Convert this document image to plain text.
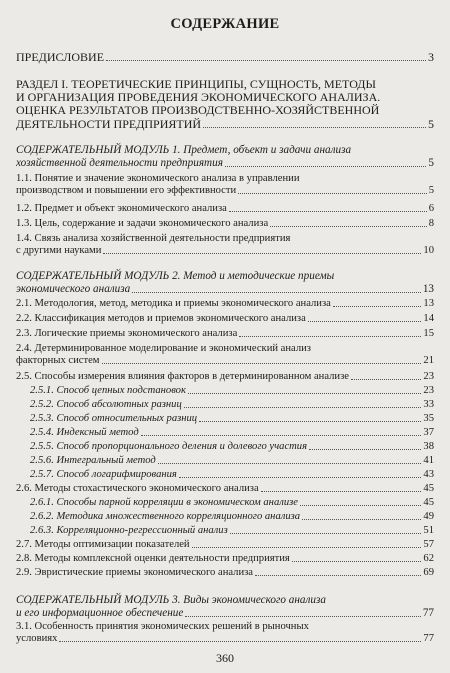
СОДЕРЖАНИЕ
ПРЕДИСЛОВИЕ	3
РАЗДЕЛ I. ТЕОРЕТИЧЕСКИЕ ПРИНЦИПЫ, СУЩНОСТЬ, МЕТОДЫ
И ОРГАНИЗАЦИЯ ПРОВЕДЕНИЯ ЭКОНОМИЧЕСКОГО АНАЛИЗА.
ОЦЕНКА РЕЗУЛЬТАТОВ ПРОИЗВОДСТВЕННО-ХОЗЯЙСТВЕННОЙ
ДЕЯТЕЛЬНОСТИ ПРЕДПРИЯТИЙ	5
СОДЕРЖАТЕЛЬНЫЙ МОДУЛЬ 1. Предмет, объект и задачи анализа
хозяйственной деятельности предприятия	5
1.1. Понятие и значение экономического анализа в управлении
производством и повышении его эффективности	5
1.2. Предмет и объект экономического анализа	6
1.3. Цель, содержание и задачи экономического анализа	8
1.4. Связь анализа хозяйственной деятельности предприятия
с другими науками	10
СОДЕРЖАТЕЛЬНЫЙ МОДУЛЬ 2. Метод и методические приемы
экономического анализа	13
2.1. Методология, метод, методика и приемы экономического анализа	13
2.2. Классификация методов и приемов экономического анализа	14
2.3. Логические приемы экономического анализа	15
2.4. Детерминированное моделирование и экономический анализ
факторных систем	21
2.5. Способы измерения влияния факторов в детерминированном анализе	23
2.5.1. Способ цепных подстановок	23
2.5.2. Способ абсолютных разниц	33
2.5.3. Способ относительных разниц	35
2.5.4. Индексный метод	37
2.5.5. Способ пропорционального деления и долевого участия	38
2.5.6. Интегральный метод	41
2.5.7. Способ логарифмирования	43
2.6. Методы стохастического экономического анализа	45
2.6.1. Способы парной корреляции в экономическом анализе	45
2.6.2. Методика множественного корреляционного анализа	49
2.6.3. Корреляционно-регрессионный анализ	51
2.7. Методы оптимизации показателей	57
2.8. Методы комплексной оценки деятельности предприятия	62
2.9. Эвристические приемы экономического анализа	69
СОДЕРЖАТЕЛЬНЫЙ МОДУЛЬ 3. Виды экономического анализа
и его информационное обеспечение	77
3.1. Особенность принятия экономических решений в рыночных
условиях	77
360
